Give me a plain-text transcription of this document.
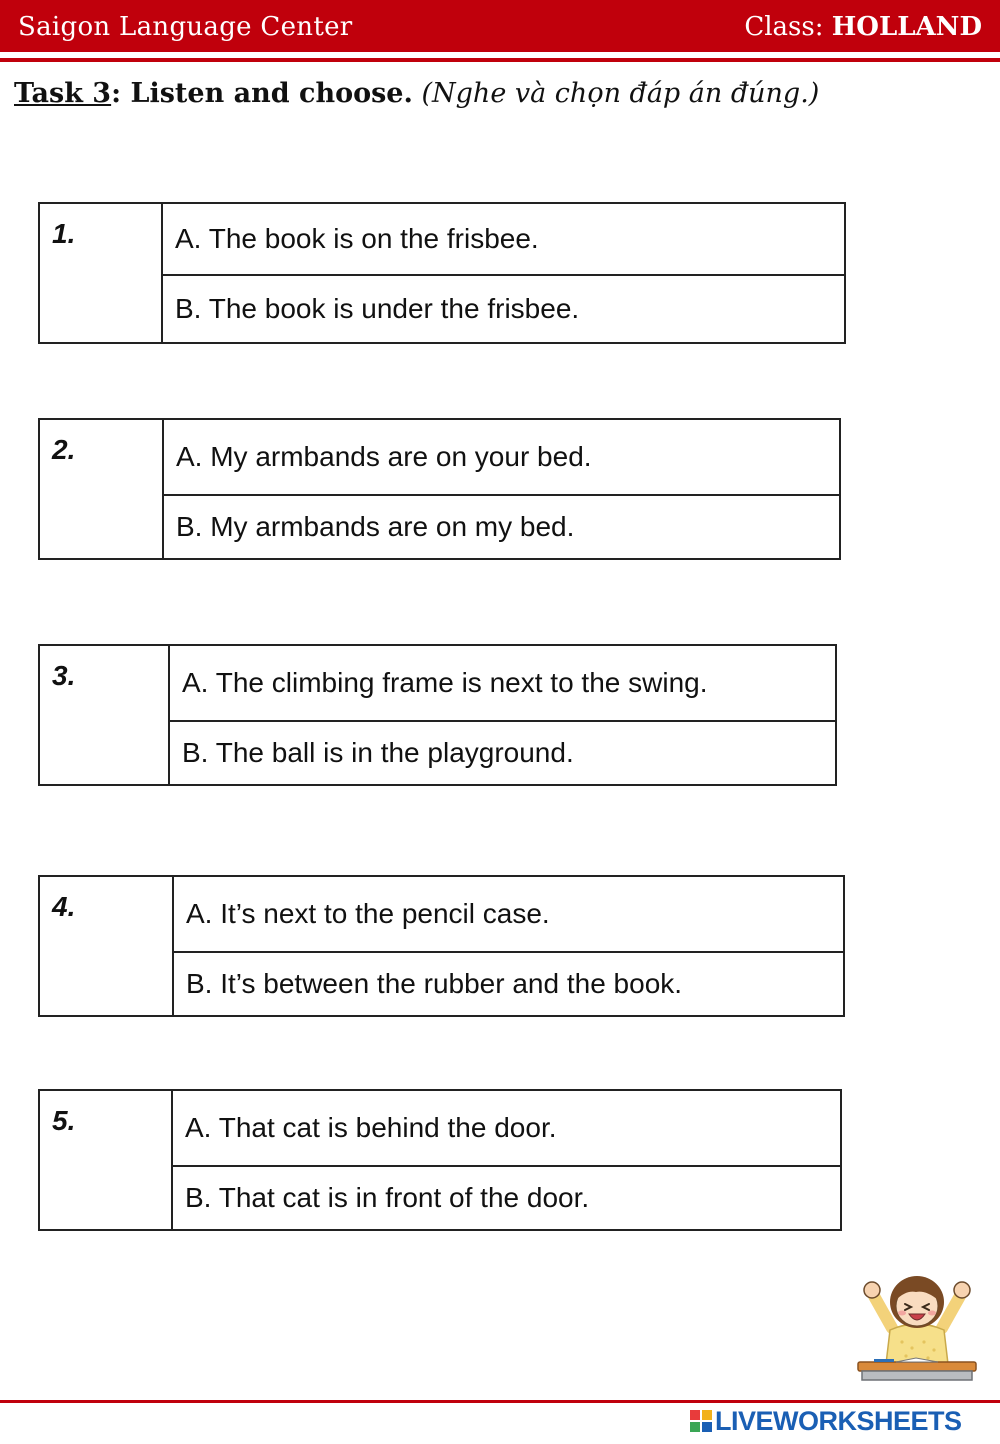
Saigon Language Center	Class: HOLLAND
Task 3: Listen and choose. (Nghe và chọn đáp án đúng.)
1.	A. The book is on the frisbee.
B. The book is under the frisbee.
2.	A. My armbands are on your bed.
B. My armbands are on my bed.
3.	A. The climbing frame is next to the swing.
B. The ball is in the playground.
4.	A. It’s next to the pencil case.
B. It’s between the rubber and the book.
5.	A. That cat is behind the door.
B. That cat is in front of the door.
LIVEWORKSHEETS
